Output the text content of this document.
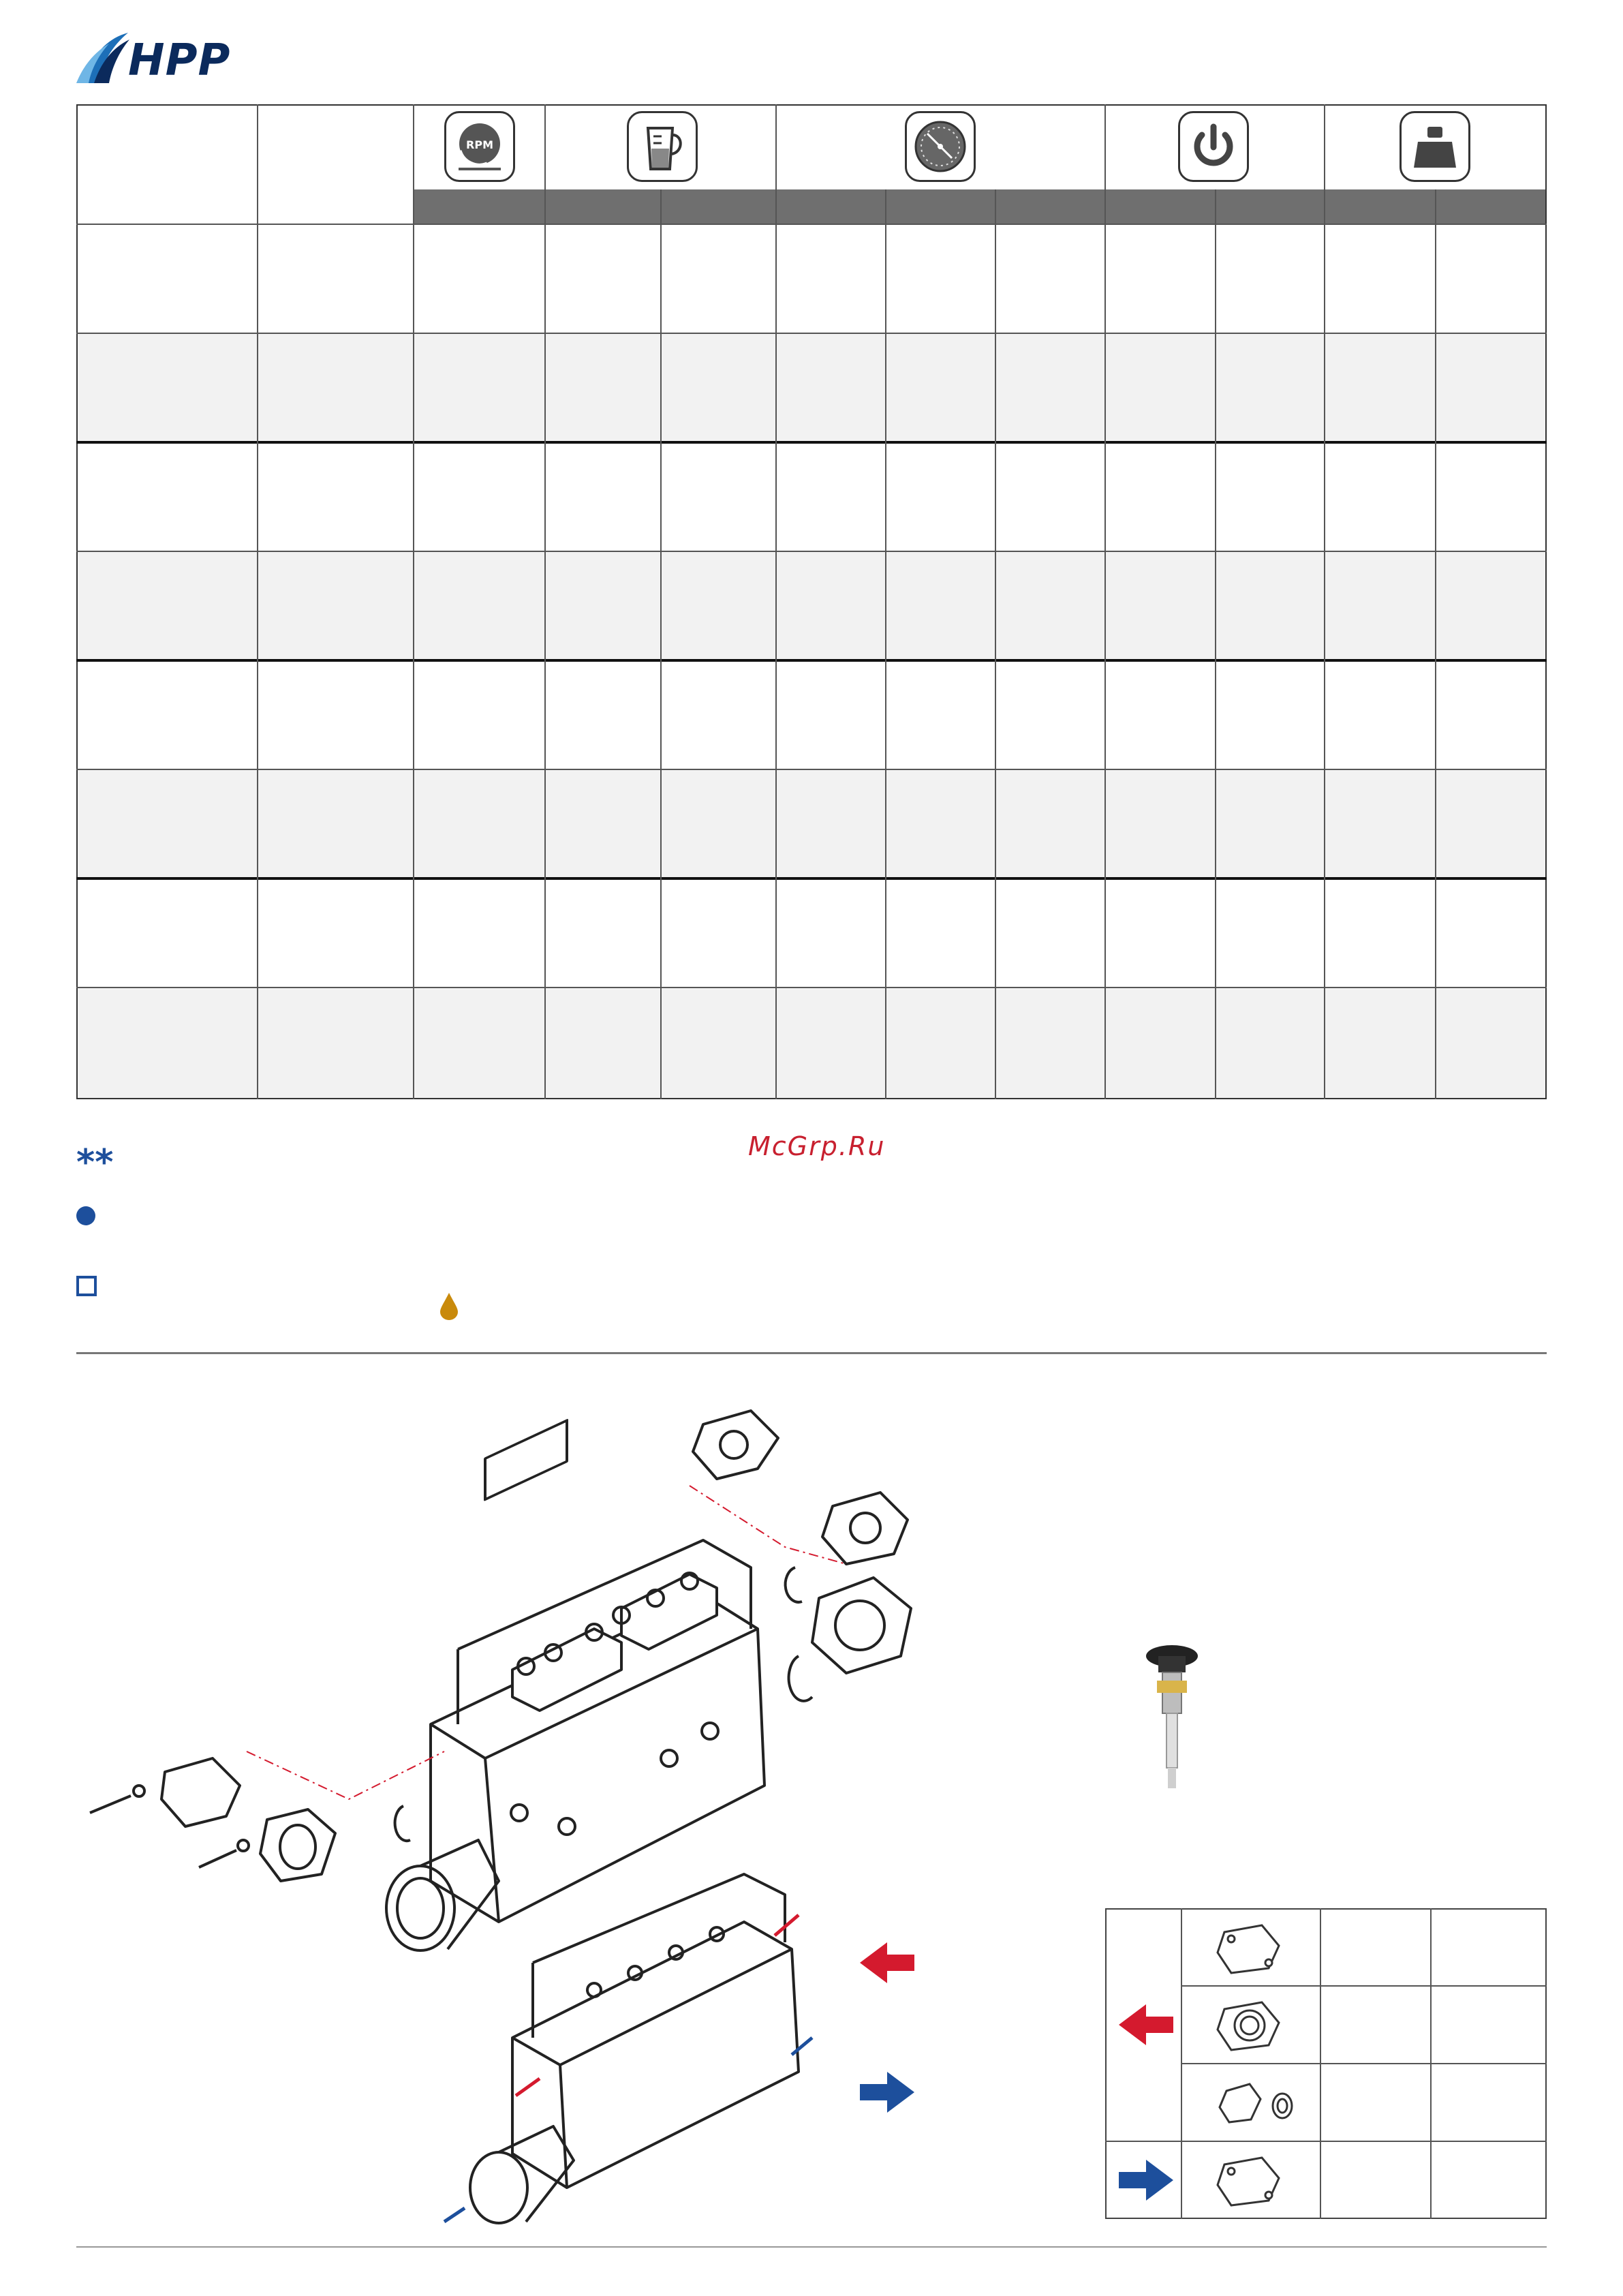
HPP
RPM
**	McGrp.Ru
